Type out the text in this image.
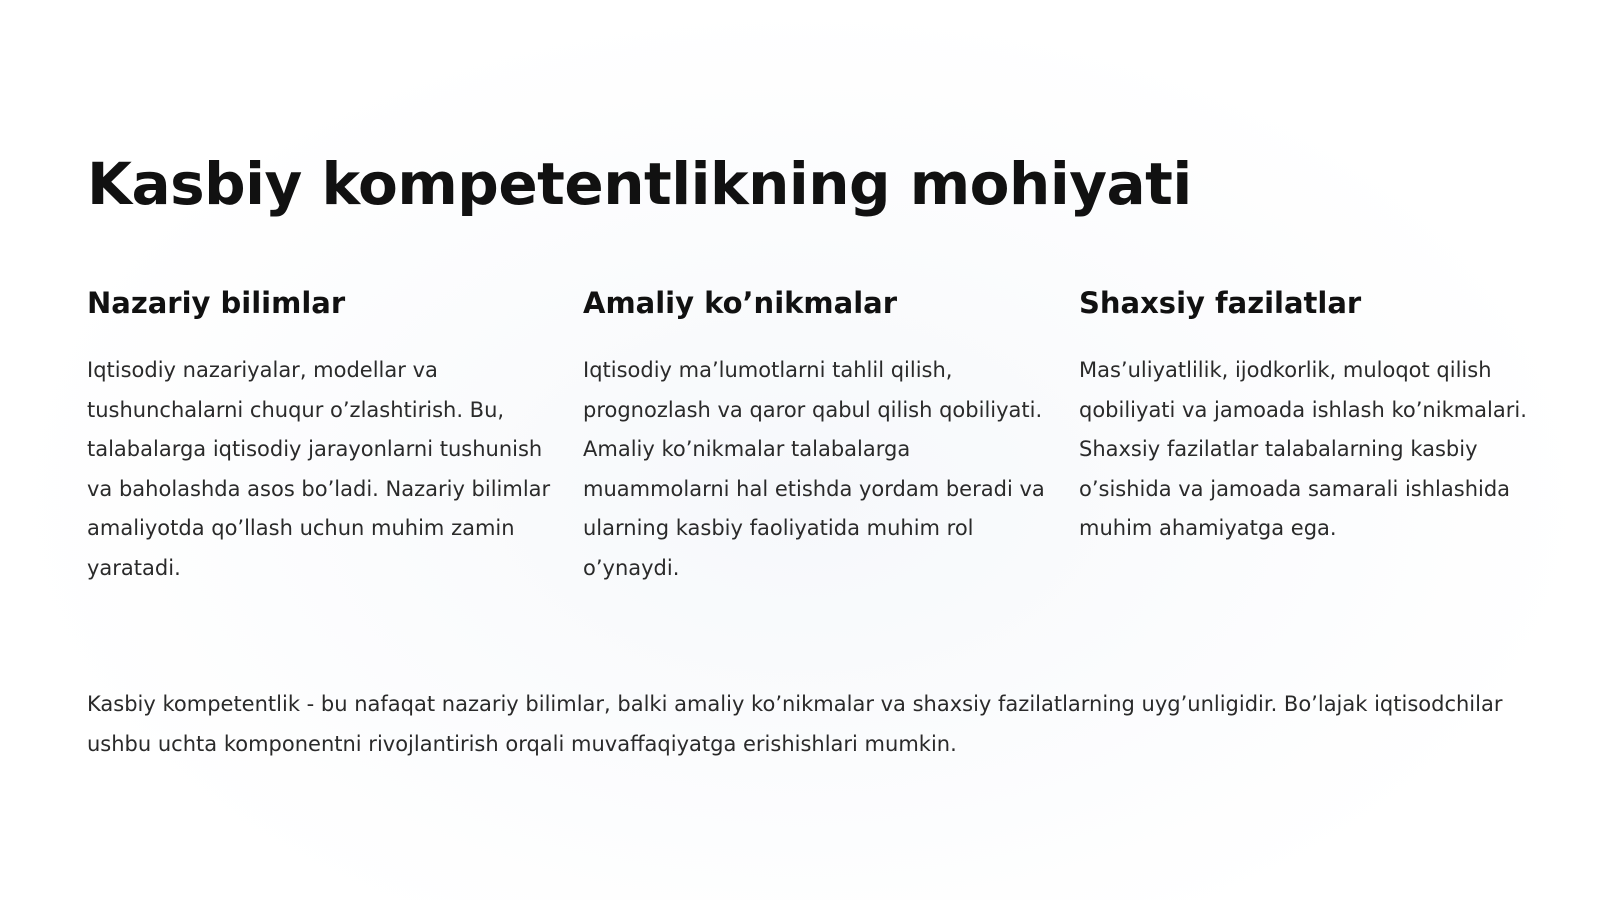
Kasbiy kompetentlikning mohiyati
Nazariy bilimlar

Iqtisodiy nazariyalar, modellar va tushunchalarni chuqur o’zlashtirish. Bu, talabalarga iqtisodiy jarayonlarni tushunish va baholashda asos bo’ladi. Nazariy bilimlar amaliyotda qo’llash uchun muhim zamin yaratadi.

Amaliy ko’nikmalar

Iqtisodiy ma’lumotlarni tahlil qilish, prognozlash va qaror qabul qilish qobiliyati. Amaliy ko’nikmalar talabalarga muammolarni hal etishda yordam beradi va ularning kasbiy faoliyatida muhim rol o’ynaydi.

Shaxsiy fazilatlar

Mas’uliyatlilik, ijodkorlik, muloqot qilish qobiliyati va jamoada ishlash ko’nikmalari. Shaxsiy fazilatlar talabalarning kasbiy o’sishida va jamoada samarali ishlashida muhim ahamiyatga ega.

Kasbiy kompetentlik - bu nafaqat nazariy bilimlar, balki amaliy ko’nikmalar va shaxsiy fazilatlarning uyg’unligidir. Bo’lajak iqtisodchilar ushbu uchta komponentni rivojlantirish orqali muvaffaqiyatga erishishlari mumkin.
